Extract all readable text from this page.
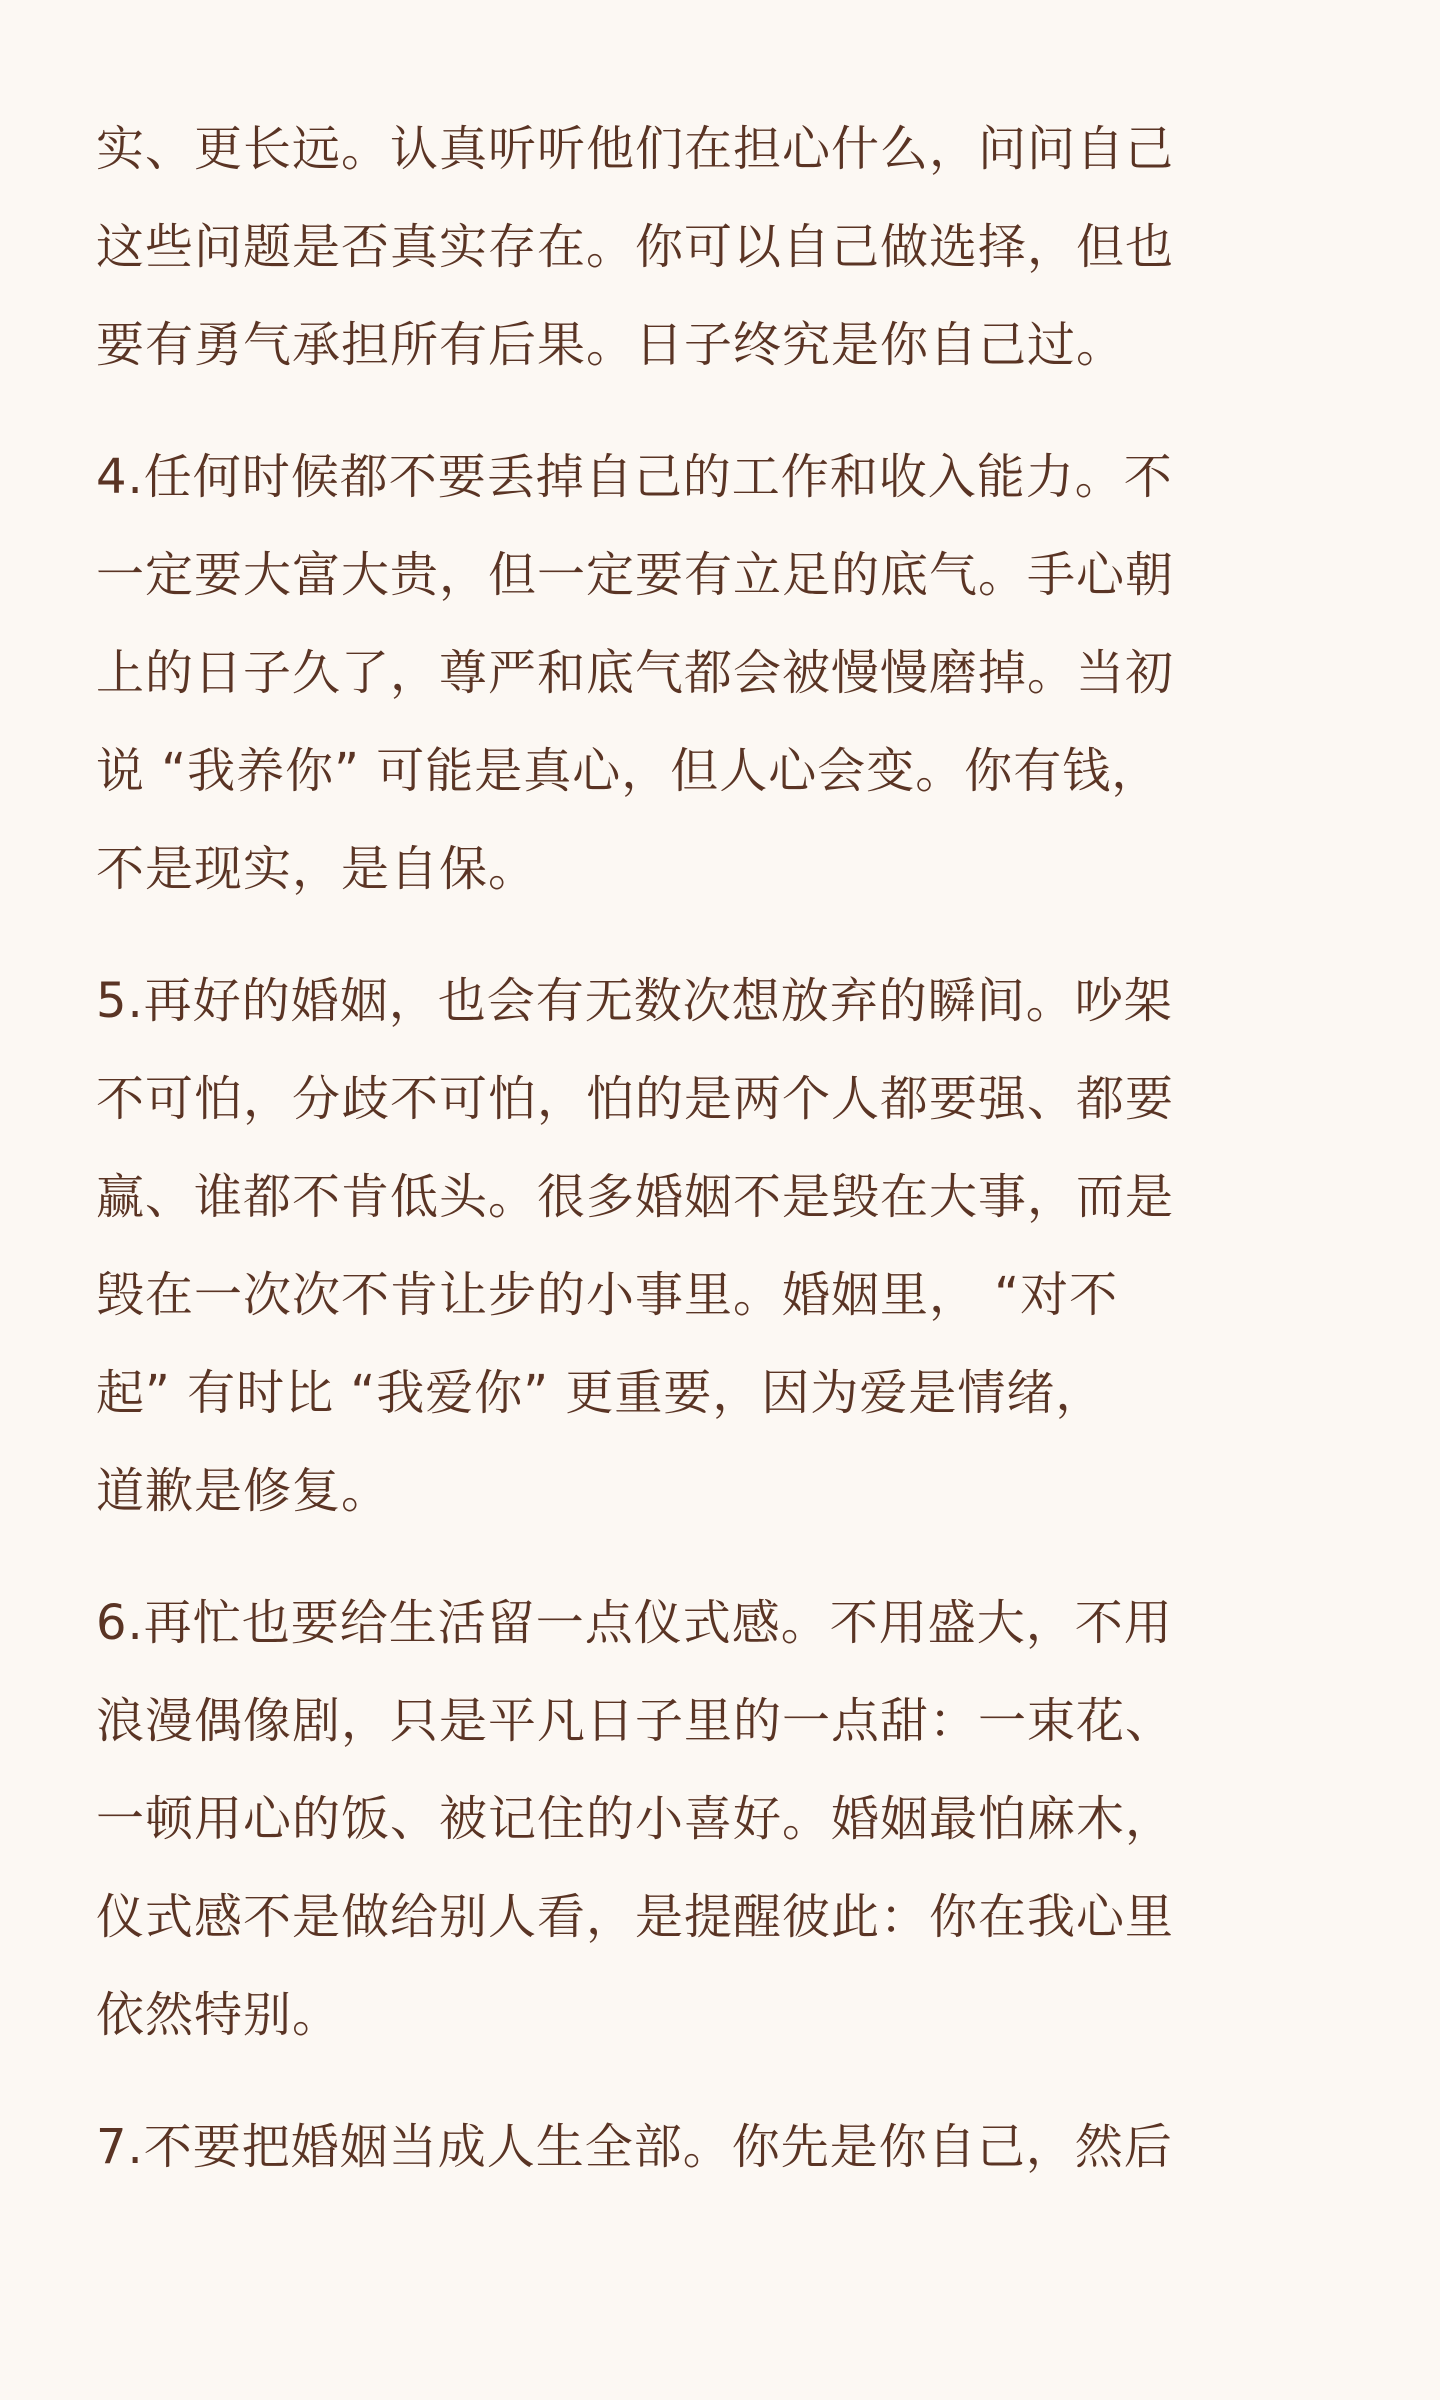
实、更长远。认真听听他们在担心什么，问问自己
这些问题是否真实存在。你可以自己做选择，但也
要有勇气承担所有后果。日子终究是你自己过。
4.任何时候都不要丢掉自己的工作和收入能力。不
一定要大富大贵，但一定要有立足的底气。手心朝
上的日子久了，尊严和底气都会被慢慢磨掉。当初
说 “我养你” 可能是真心，但人心会变。你有钱，
不是现实，是自保。
5.再好的婚姻，也会有无数次想放弃的瞬间。吵架
不可怕，分歧不可怕，怕的是两个人都要强、都要
赢、谁都不肯低头。很多婚姻不是毁在大事，而是
毁在一次次不肯让步的小事里。婚姻里， “对不
起” 有时比 “我爱你” 更重要，因为爱是情绪，
道歉是修复。
6.再忙也要给生活留一点仪式感。不用盛大，不用
浪漫偶像剧，只是平凡日子里的一点甜：一束花、
一顿用心的饭、被记住的小喜好。婚姻最怕麻木，
仪式感不是做给别人看，是提醒彼此：你在我心里
依然特别。
7.不要把婚姻当成人生全部。你先是你自己，然后
